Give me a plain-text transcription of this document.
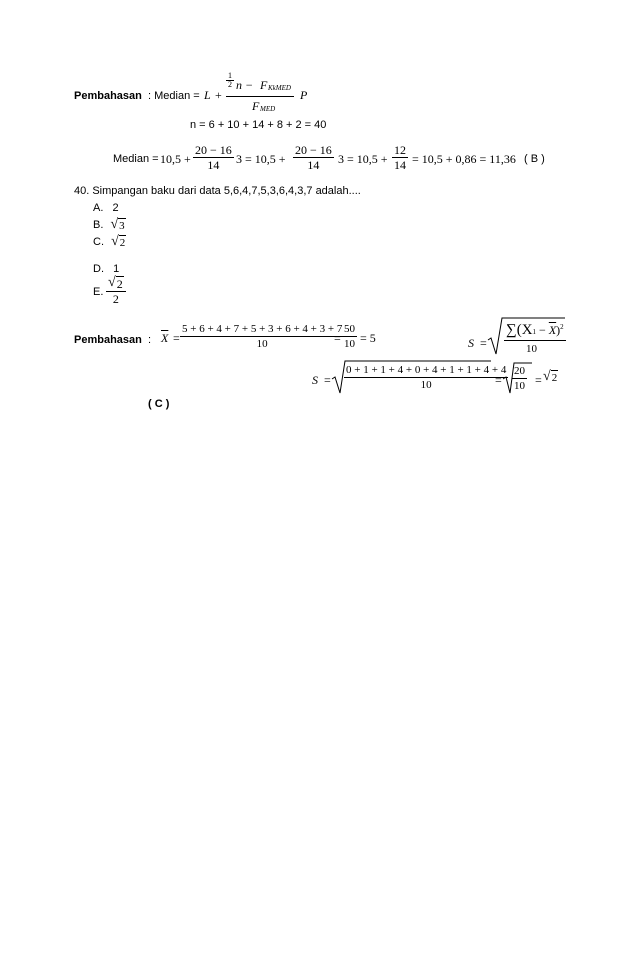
Pembahasan : Median = L +
1
2 n − F KkMED
F MED
P
n = 6 + 10 + 14 + 8 + 2 = 40
Median = 10,5 +
20 − 16
14 3 = 10,5 +
20 − 16
14 3 = 10,5 +
12
14 = 10,5 + 0,86 = 11,36 ( B )
40. Simpangan baku dari data 5,6,4,7,5,3,6,4,3,7 adalah....
A. 2
B. √ 3
C. √ 2
D. 1
E.
√ 2
2
Pembahasan : $\overline{X}$ =
5 + 6 + 4 + 7 + 5 + 3 + 6 + 4 + 3 + 7
10	=
50
10 = 5	S =
$\sum(X1 - \overline{X})^2$
10
S =
0 + 1 + 1 + 4 + 0 + 4 + 1 + 1 + 4 + 4
10	=
20
10 = √ 2
( C )
